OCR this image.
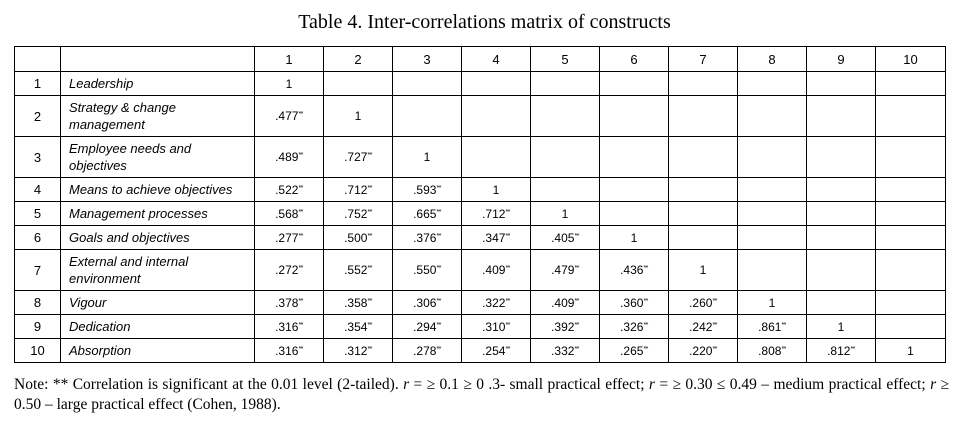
Table 4. Inter-correlations matrix of constructs
		1	2	3	4	5	6	7	8	9	10
1	Leadership	1									
2	Strategy & change management	.477**	1								
3	Employee needs and objectives	.489**	.727**	1							
4	Means to achieve objectives	.522**	.712**	.593**	1						
5	Management processes	.568**	.752**	.665**	.712**	1					
6	Goals and objectives	.277**	.500**	.376**	.347**	.405**	1				
7	External and internal environment	.272**	.552**	.550**	.409**	.479**	.436**	1			
8	Vigour	.378**	.358**	.306**	.322**	.409**	.360**	.260**	1		
9	Dedication	.316**	.354**	.294**	.310**	.392**	.326**	.242**	.861**	1	
10	Absorption	.316**	.312**	.278**	.254**	.332**	.265**	.220**	.808**	.812**	1
Note: ** Correlation is significant at the 0.01 level (2-tailed). r = ≥ 0.1 ≥ 0 .3- small practical effect; r = ≥ 0.30 ≤ 0.49 – medium practical effect; r ≥ 0.50 – large practical effect (Cohen, 1988).
